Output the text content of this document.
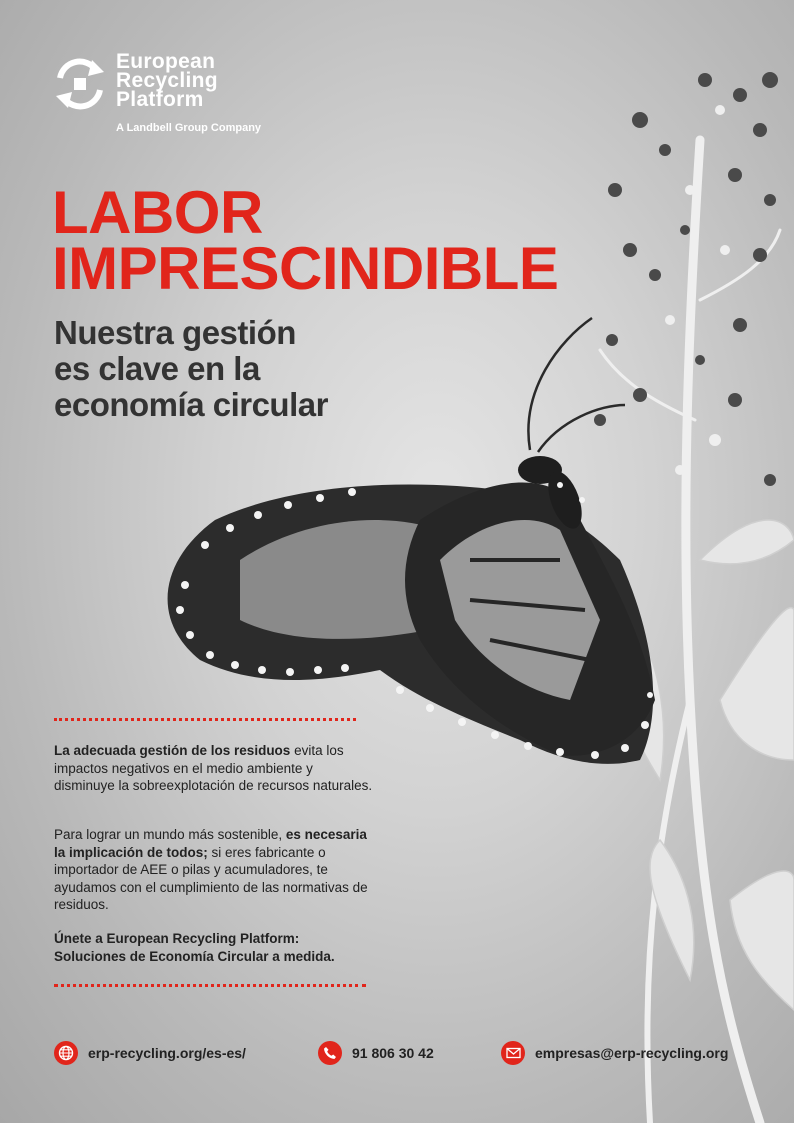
European
Recycling
Platform
A Landbell Group Company
LABOR
IMPRESCINDIBLE
Nuestra gestión
es clave en la
economía circular
La adecuada gestión de los residuos evita los impactos negativos en el medio ambiente y disminuye la sobreexplotación de recursos naturales.
Para lograr un mundo más sostenible, es necesaria la implicación de todos; si eres fabricante o importador de AEE o pilas y acumuladores, te ayudamos con el cumplimiento de las normativas de residuos.
Únete a European Recycling Platform: Soluciones de Economía Circular a medida.
erp-recycling.org/es-es/	91 806 30 42	empresas@erp-recycling.org
